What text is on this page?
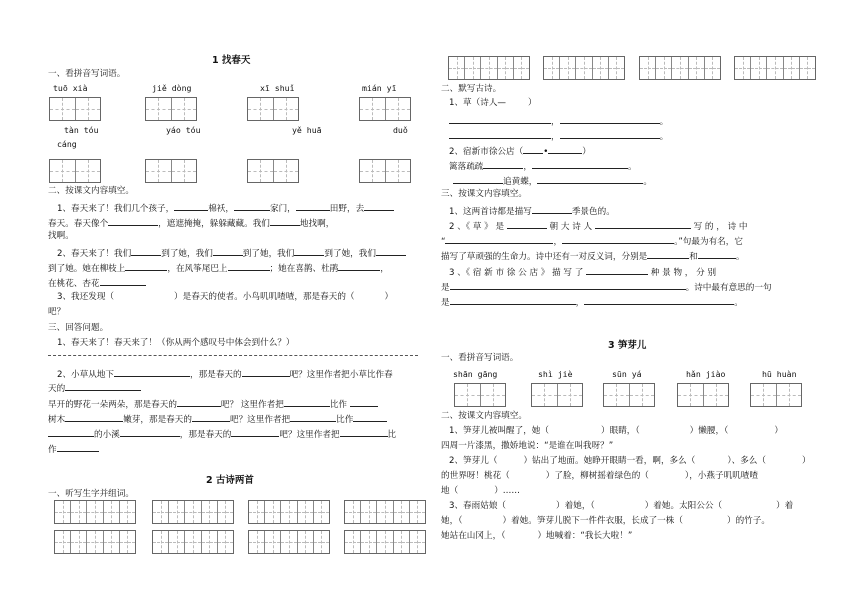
1 找春天
一、看拼音写词语。
tuō xià	jiě dòng	xī shuǐ	mián yī
tàn tóu	yáo tóu	yě huā	duǒ
cáng
二、按课文内容填空。
1、春天来了！我们几个孩子，	棉袄，	家门，	田野，去
春天。春天像个	，遮遮掩掩，躲躲藏藏。我们	地找啊，
找啊。
2、春天来了！我们	到了她，我们	到了她，我们	到了她，我们
到了她。她在柳枝上	，在风筝尾巴上	；她在喜鹊、杜鹃	，
在桃花、杏花
3、我还发现（	）是春天的使者。小鸟叽叽喳喳，那是春天的（	）
吧？
三、回答问题。
1、春天来了！春天来了！（你从两个感叹号中体会到什么？）
2、小草从地下	，那是春天的	吧？这里作者把小草比作春
天的
早开的野花一朵两朵，那是春天的	吧？ 这里作者把	比作
树木	嫩芽，那是春天的	吧？这里作者把	比作
的小溪	，那是春天的	吧？这里作者把	比
作
2 古诗两首
一、听写生字并组词。
二、默写古诗。
1、草（诗人—	）
，	。
，	。
2、宿新市徐公店（ •	）
篱落疏疏	，	。
追黄蝶，	。
三、按课文内容填空。
1、这两首诗都是描写	季景色的。
2 、《 草 》 是	朝 大 诗 人	写 的 ， 诗 中
“	，	。”句最为有名，它
描写了草顽强的生命力。诗中还有一对反义词，分别是	和	。
3 、《 宿 新 市 徐 公 店 》 描 写 了	种 景 物 ， 分 别
是	。诗中最有意思的一句
是	，	。
3 笋芽儿
一、看拼音写词语。
shān gāng	shì jiè	sūn yá	hǎn jiào	hū huàn
二、按课文内容填空。
1、笋芽儿被叫醒了，她（	）眼睛，（	）懒腰，（	）
四周一片漆黑，撒娇地说：“是谁在叫我呀？”
2、笋芽儿（	）钻出了地面。她睁开眼睛一看，啊，多么（	）、多么（	）
的世界呀！桃花（	）了脸，柳树摇着绿色的（	），小燕子叽叽喳喳
地（	）……
3、春雨姑娘（	）着她，（	）着她。太阳公公（	）着
她，（	）着她。笋芽儿脱下一件件衣服，长成了一株（	）的竹子。
她站在山冈上，（	）地喊着：“我长大啦！”
